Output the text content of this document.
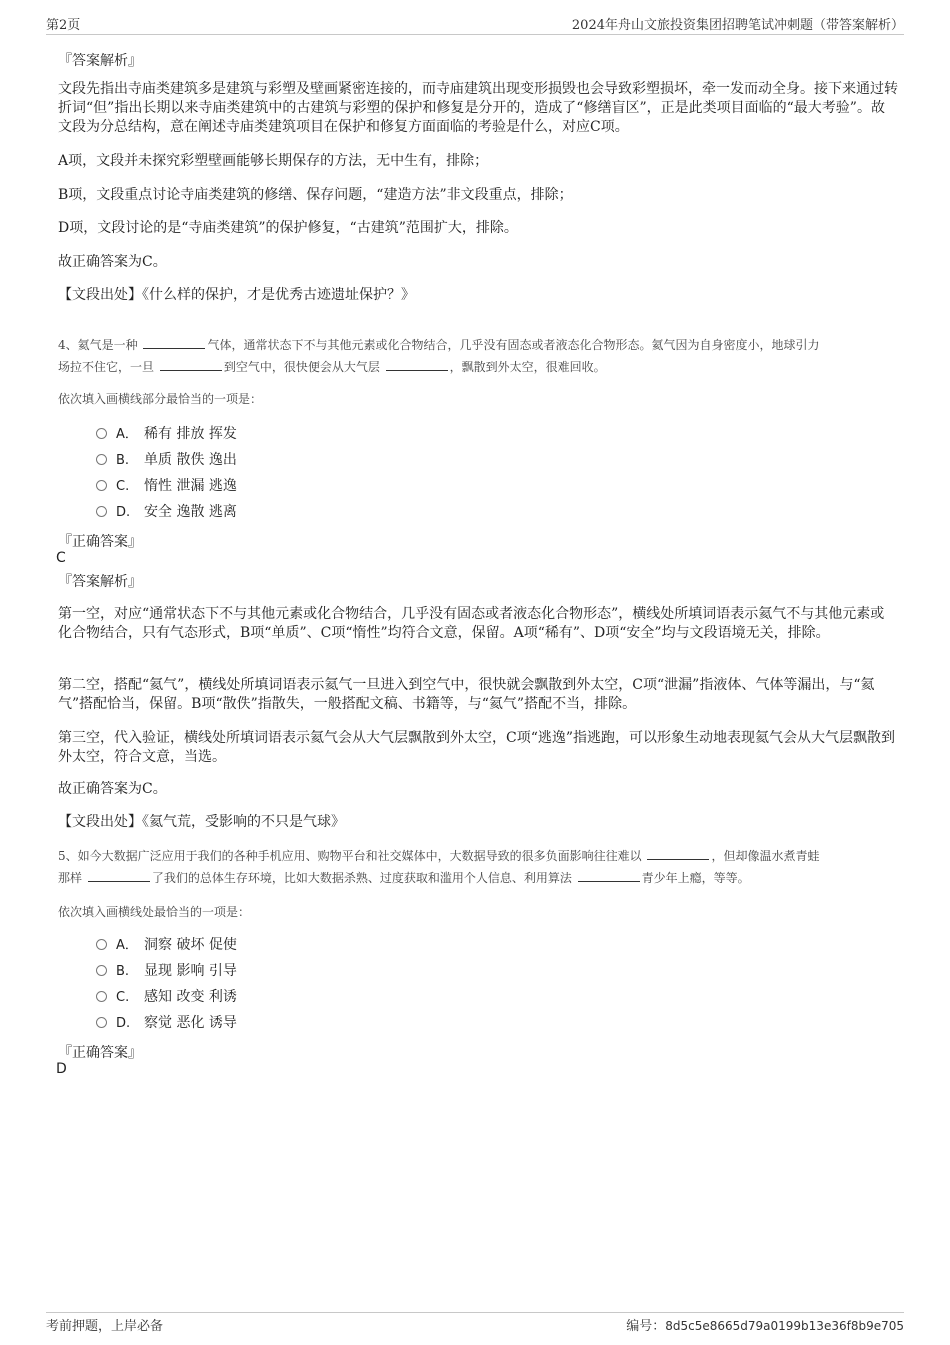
第2页	2024年舟山文旅投资集团招聘笔试冲刺题（带答案解析）
『答案解析』
文段先指出寺庙类建筑多是建筑与彩塑及壁画紧密连接的，而寺庙建筑出现变形损毁也会导致彩塑损坏，牵一发而动全身。接下来通过转折词“但”指出长期以来寺庙类建筑中的古建筑与彩塑的保护和修复是分开的，造成了“修缮盲区”，正是此类项目面临的“最大考验”。故文段为分总结构，意在阐述寺庙类建筑项目在保护和修复方面面临的考验是什么，对应C项。
A项，文段并未探究彩塑壁画能够长期保存的方法，无中生有，排除；
B项，文段重点讨论寺庙类建筑的修缮、保存问题，“建造方法”非文段重点，排除；
D项，文段讨论的是“寺庙类建筑”的保护修复，“古建筑”范围扩大，排除。
故正确答案为C。
【文段出处】《什么样的保护，才是优秀古迹遗址保护？》
4、氦气是一种	气体，通常状态下不与其他元素或化合物结合，几乎没有固态或者液态化合物形态。氦气因为自身密度小，地球引力
场拉不住它，一旦	到空气中，很快便会从大气层	，飘散到外太空，很难回收。
依次填入画横线部分最恰当的一项是：
A． 稀有 排放 挥发
B. 单质 散佚 逸出
C. 惰性 泄漏 逃逸
D. 安全 逸散 逃离
『正确答案』
C
『答案解析』
第一空，对应“通常状态下不与其他元素或化合物结合，几乎没有固态或者液态化合物形态”，横线处所填词语表示氦气不与其他元素或化合物结合，只有气态形式，B项“单质”、C项“惰性”均符合文意，保留。A项“稀有”、D项“安全”均与文段语境无关，排除。
第二空，搭配“氦气”，横线处所填词语表示氦气一旦进入到空气中，很快就会飘散到外太空，C项“泄漏”指液体、气体等漏出，与“氦气”搭配恰当，保留。B项“散佚”指散失，一般搭配文稿、书籍等，与“氦气”搭配不当，排除。
第三空，代入验证，横线处所填词语表示氦气会从大气层飘散到外太空，C项“逃逸”指逃跑，可以形象生动地表现氦气会从大气层飘散到外太空，符合文意，当选。
故正确答案为C。
【文段出处】《氦气荒，受影响的不只是气球》
5、如今大数据广泛应用于我们的各种手机应用、购物平台和社交媒体中，大数据导致的很多负面影响往往难以	，但却像温水煮青蛙
那样	了我们的总体生存环境，比如大数据杀熟、过度获取和滥用个人信息、利用算法	青少年上瘾，等等。
依次填入画横线处最恰当的一项是：
A． 洞察 破坏 促使
B. 显现 影响 引导
C. 感知 改变 利诱
D. 察觉 恶化 诱导
『正确答案』
D
考前押题，上岸必备	编号：8d5c5e8665d79a0199b13e36f8b9e705
